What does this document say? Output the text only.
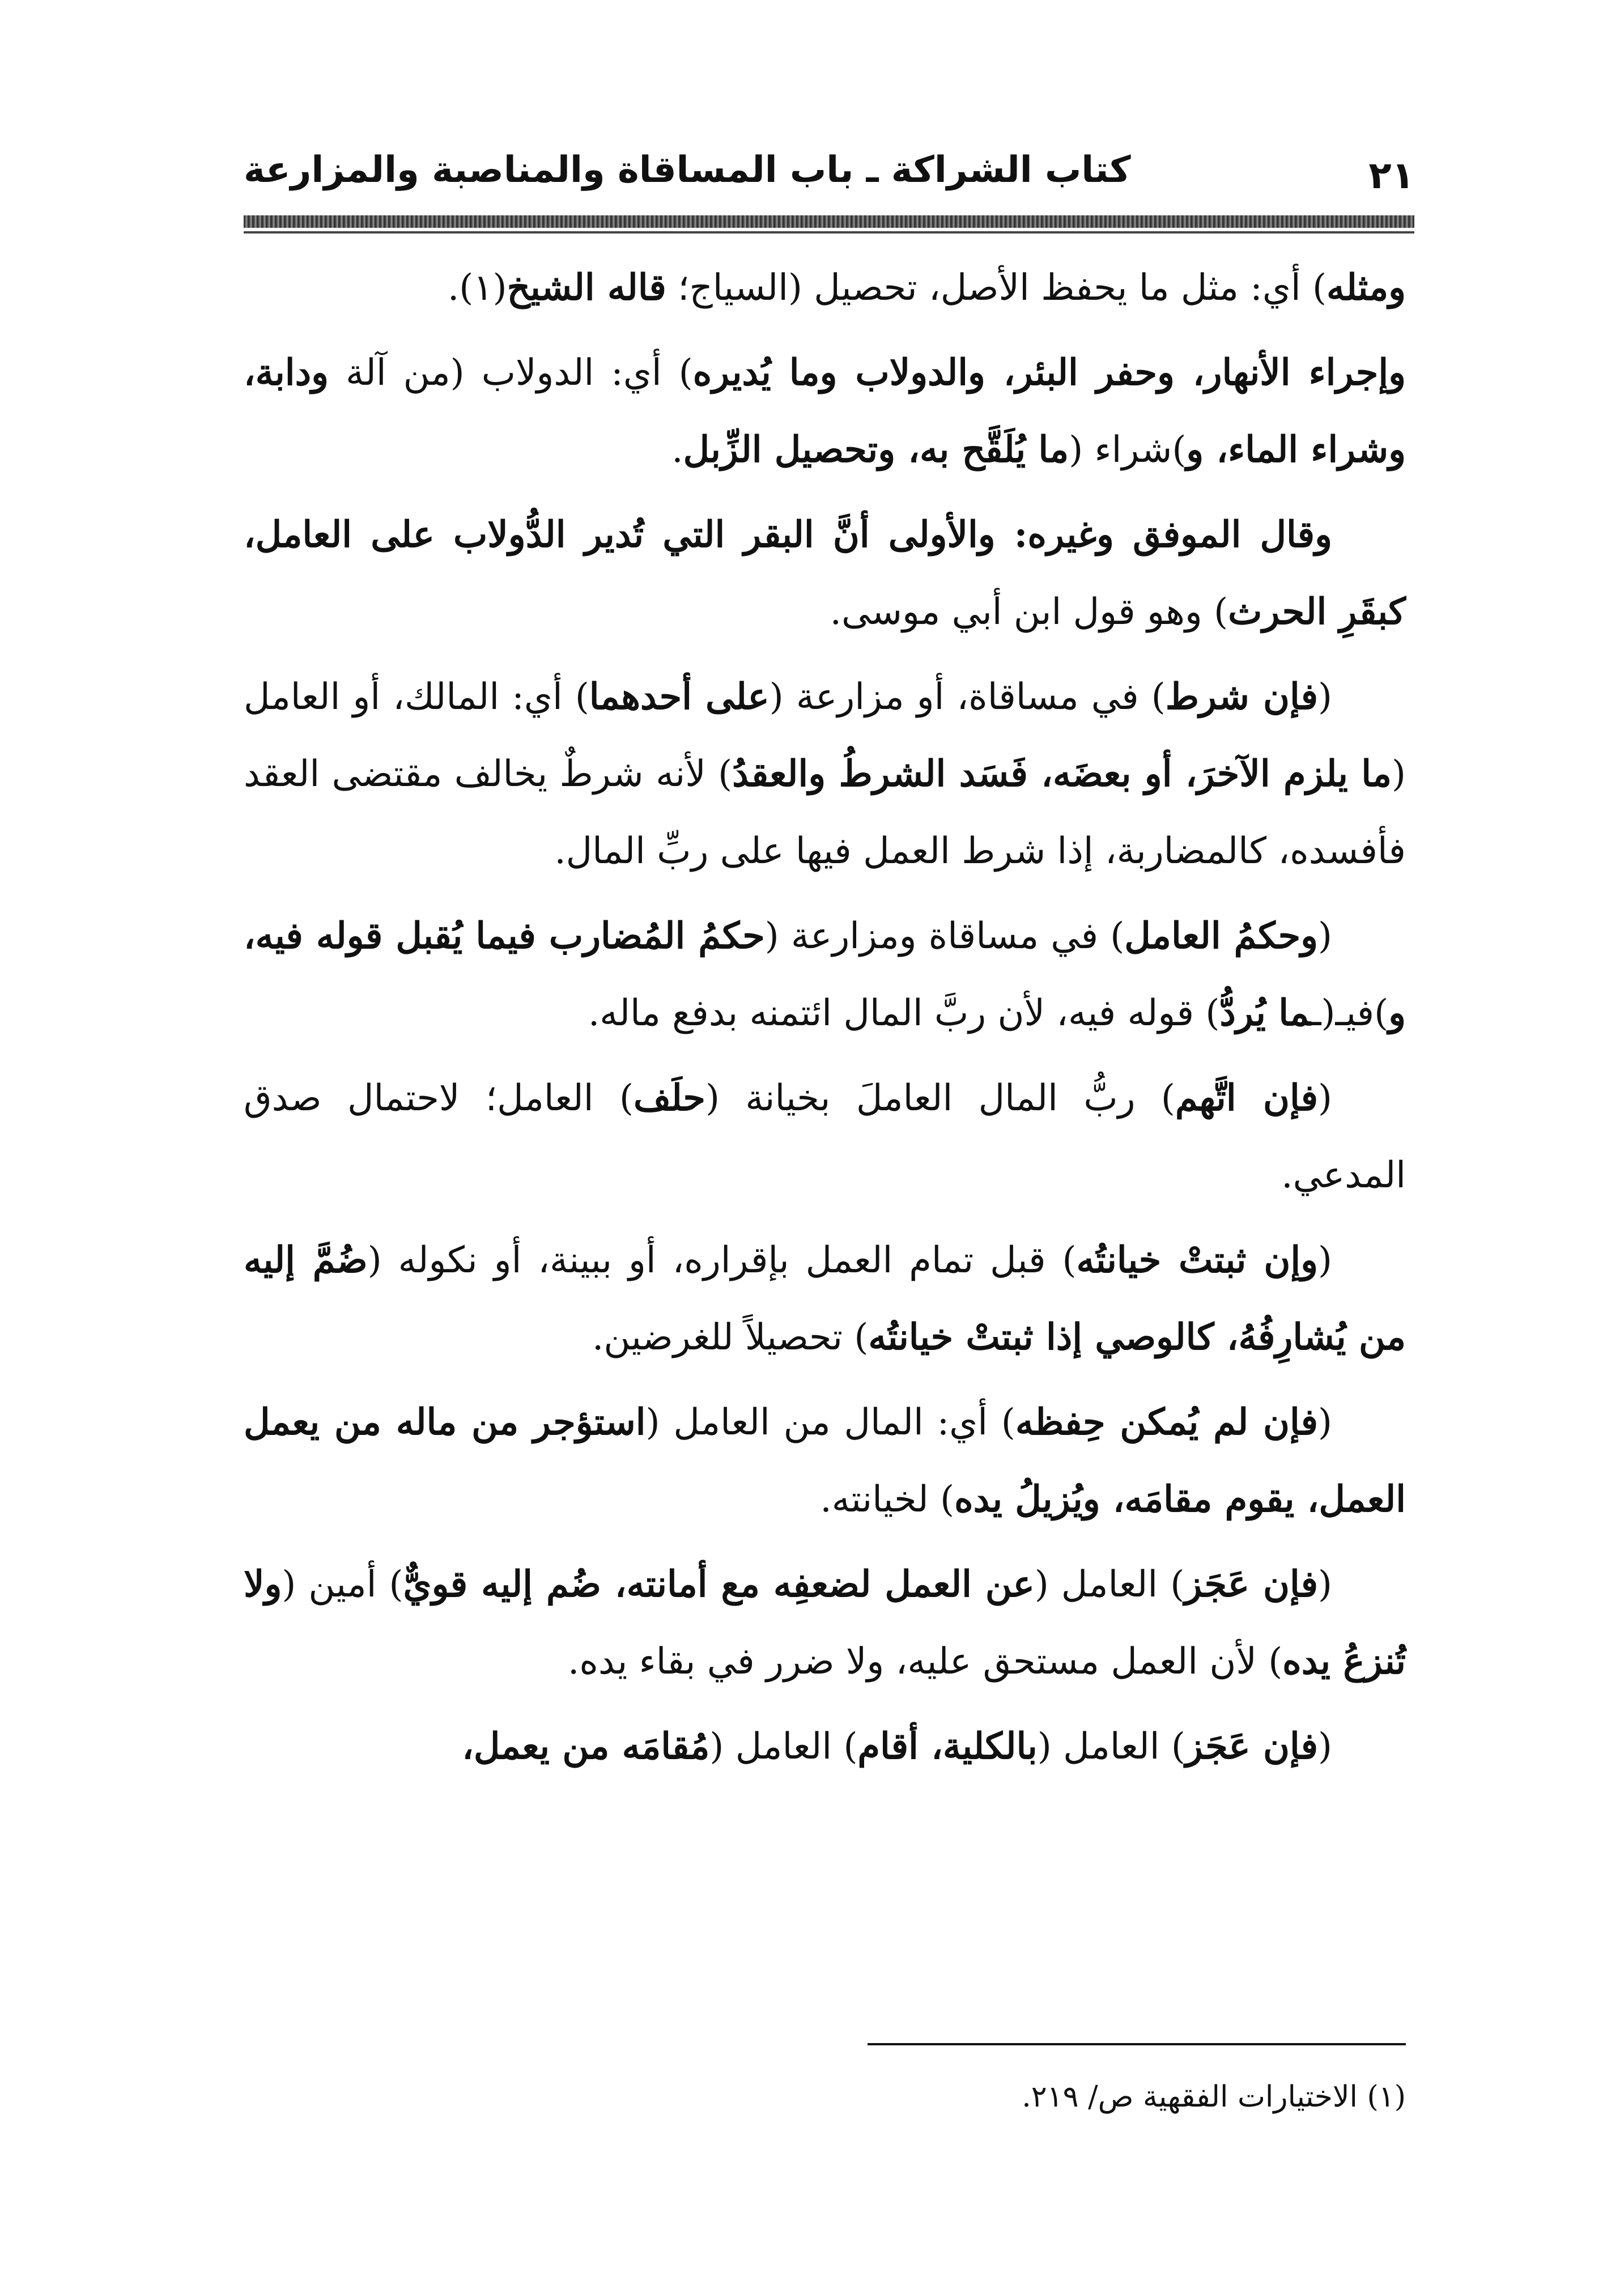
كتاب الشراكة ـ باب المساقاة والمناصبة والمزارعة	٢١

ومثله) أي: مثل ما يحفظ الأصل، تحصيل (السياج؛ قاله الشيخ(١).

وإجراء الأنهار، وحفر البئر، والدولاب وما يُديره) أي: الدولاب (من آلة ودابة، وشراء الماء، و)شراء (ما يُلَقَّح به، وتحصيل الزِّبل.

وقال الموفق وغيره: والأولى أنَّ البقر التي تُدير الدُّولاب على العامل، كبقَرِ الحرث) وهو قول ابن أبي موسى.

(فإن شرط) في مساقاة، أو مزارعة (على أحدهما) أي: المالك، أو العامل (ما يلزم الآخرَ، أو بعضَه، فَسَد الشرطُ والعقدُ) لأنه شرطٌ يخالف مقتضى العقد فأفسده، كالمضاربة، إذا شرط العمل فيها على ربِّ المال.

(وحكمُ العامل) في مساقاة ومزارعة (حكمُ المُضارب فيما يُقبل قوله فيه، و)فيـ(ـما يُردُّ) قوله فيه، لأن ربَّ المال ائتمنه بدفع ماله.

(فإن اتَّهم) ربُّ المال العاملَ بخيانة (حلَف) العامل؛ لاحتمال صدق المدعي.

(وإن ثبتتْ خيانتُه) قبل تمام العمل بإقراره، أو ببينة، أو نكوله (ضُمَّ إليه من يُشارِفُهُ، كالوصي إذا ثبتتْ خيانتُه) تحصيلاً للغرضين.

(فإن لم يُمكن حِفظه) أي: المال من العامل (استؤجر من ماله من يعمل العمل، يقوم مقامَه، ويُزيلُ يده) لخيانته.

(فإن عَجَز) العامل (عن العمل لضعفِه مع أمانته، ضُم إليه قويٌّ) أمين (ولا تُنزعُ يده) لأن العمل مستحق عليه، ولا ضرر في بقاء يده.

(فإن عَجَز) العامل (بالكلية، أقام) العامل (مُقامَه من يعمل،

(١) الاختيارات الفقهية ص/ ٢١٩.
